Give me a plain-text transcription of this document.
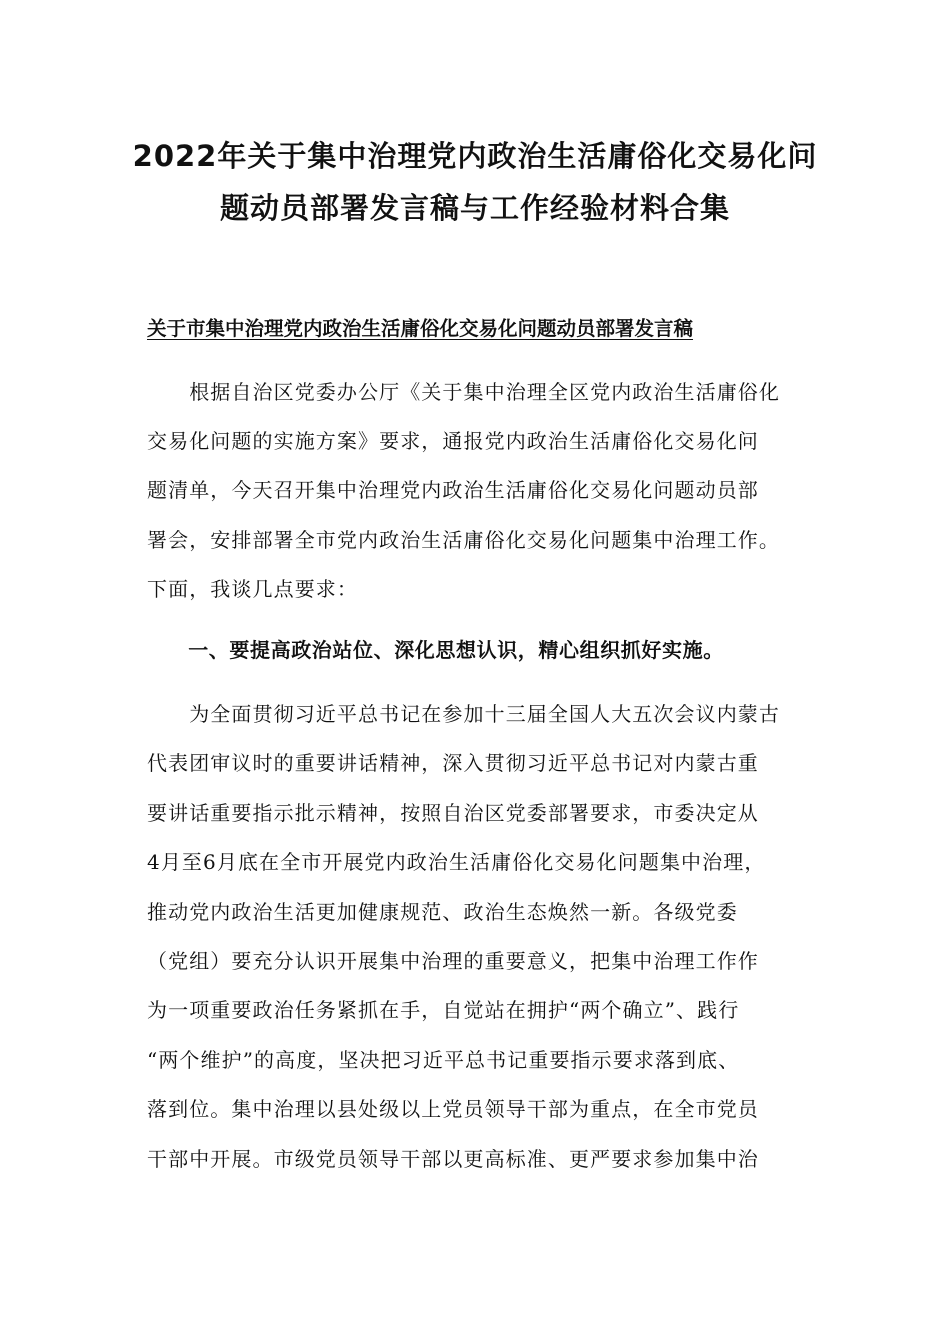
2022年关于集中治理党内政治生活庸俗化交易化问
题动员部署发言稿与工作经验材料合集
关于市集中治理党内政治生活庸俗化交易化问题动员部署发言稿

　　根据自治区党委办公厅《关于集中治理全区党内政治生活庸俗化

交易化问题的实施方案》要求，通报党内政治生活庸俗化交易化问

题清单，今天召开集中治理党内政治生活庸俗化交易化问题动员部

署会，安排部署全市党内政治生活庸俗化交易化问题集中治理工作。

下面，我谈几点要求：

　　一、要提高政治站位、深化思想认识，精心组织抓好实施。

　　为全面贯彻习近平总书记在参加十三届全国人大五次会议内蒙古

代表团审议时的重要讲话精神，深入贯彻习近平总书记对内蒙古重

要讲话重要指示批示精神，按照自治区党委部署要求，市委决定从

4月至6月底在全市开展党内政治生活庸俗化交易化问题集中治理，

推动党内政治生活更加健康规范、政治生态焕然一新。各级党委

（党组）要充分认识开展集中治理的重要意义，把集中治理工作作

为一项重要政治任务紧抓在手，自觉站在拥护“两个确立”、践行

“两个维护”的高度，坚决把习近平总书记重要指示要求落到底、

落到位。集中治理以县处级以上党员领导干部为重点，在全市党员

干部中开展。市级党员领导干部以更高标准、更严要求参加集中治
